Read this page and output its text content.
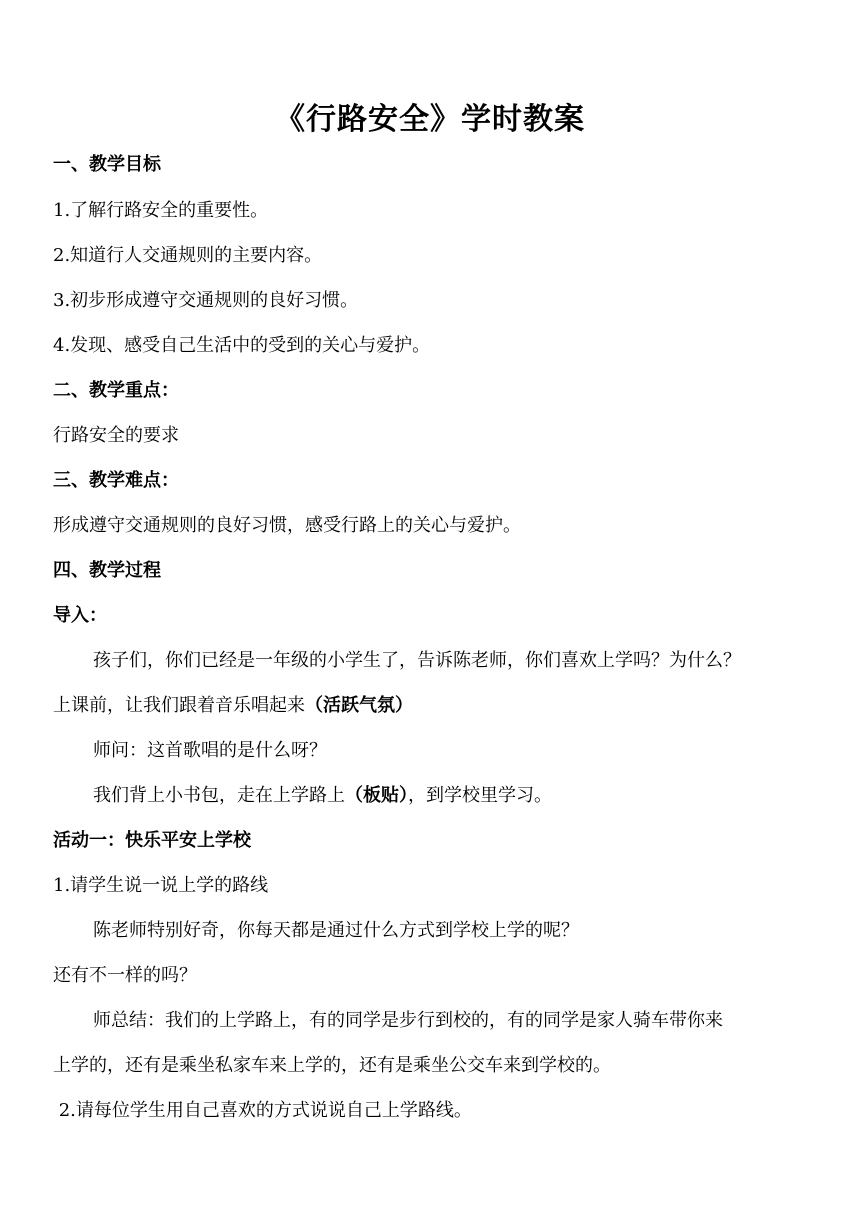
《行路安全》学时教案
一、教学目标
1.了解行路安全的重要性。
2.知道行人交通规则的主要内容。
3.初步形成遵守交通规则的良好习惯。
4.发现、感受自己生活中的受到的关心与爱护。
二、教学重点：
行路安全的要求
三、教学难点：
形成遵守交通规则的良好习惯，感受行路上的关心与爱护。
四、教学过程
导入：
孩子们，你们已经是一年级的小学生了，告诉陈老师，你们喜欢上学吗？为什么？
上课前，让我们跟着音乐唱起来（活跃气氛）
师问：这首歌唱的是什么呀？
我们背上小书包，走在上学路上（板贴），到学校里学习。
活动一：快乐平安上学校
1.请学生说一说上学的路线
陈老师特别好奇，你每天都是通过什么方式到学校上学的呢？
还有不一样的吗？
师总结：我们的上学路上，有的同学是步行到校的，有的同学是家人骑车带你来
上学的，还有是乘坐私家车来上学的，还有是乘坐公交车来到学校的。
2.请每位学生用自己喜欢的方式说说自己上学路线。
